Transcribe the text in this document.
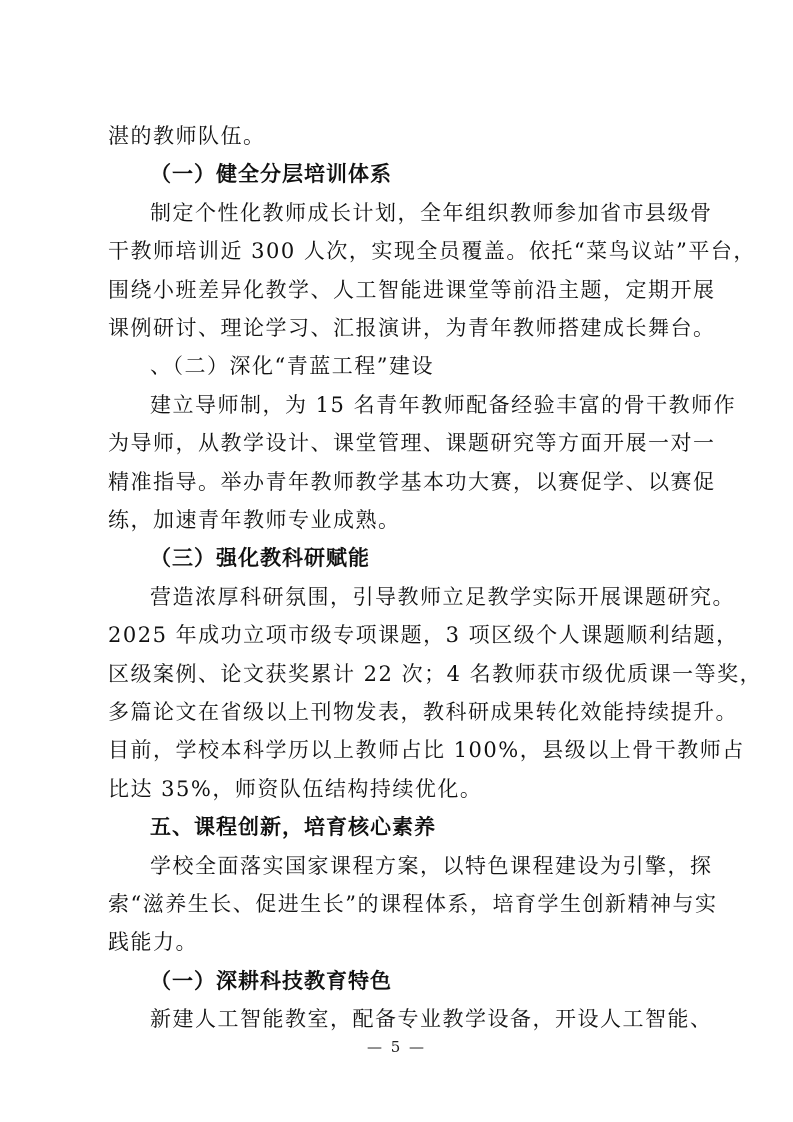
湛的教师队伍。
（一）健全分层培训体系
制定个性化教师成长计划，全年组织教师参加省市县级骨
干教师培训近 300 人次，实现全员覆盖。依托“菜鸟议站”平台，
围绕小班差异化教学、人工智能进课堂等前沿主题，定期开展
课例研讨、理论学习、汇报演讲，为青年教师搭建成长舞台。
、（二）深化“青蓝工程”建设
建立导师制，为 15 名青年教师配备经验丰富的骨干教师作
为导师，从教学设计、课堂管理、课题研究等方面开展一对一
精准指导。举办青年教师教学基本功大赛，以赛促学、以赛促
练，加速青年教师专业成熟。
（三）强化教科研赋能
营造浓厚科研氛围，引导教师立足教学实际开展课题研究。
2025 年成功立项市级专项课题，3 项区级个人课题顺利结题，
区级案例、论文获奖累计 22 次；4 名教师获市级优质课一等奖，
多篇论文在省级以上刊物发表，教科研成果转化效能持续提升。
目前，学校本科学历以上教师占比 100%，县级以上骨干教师占
比达 35%，师资队伍结构持续优化。
五、课程创新，培育核心素养
学校全面落实国家课程方案，以特色课程建设为引擎，探
索“滋养生长、促进生长”的课程体系，培育学生创新精神与实
践能力。
（一）深耕科技教育特色
新建人工智能教室，配备专业教学设备，开设人工智能、
— 5 —
